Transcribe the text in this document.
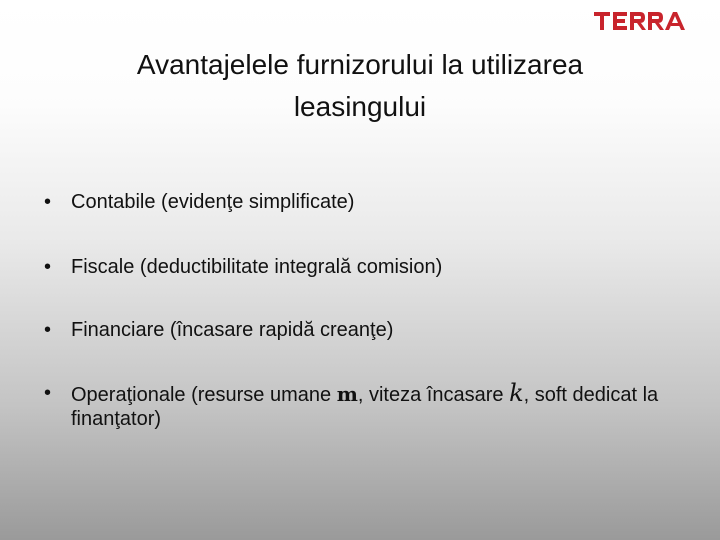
Avantajelele furnizorului la utilizarea
leasingului
• Contabile (evidenţe simplificate)
• Fiscale (deductibilitate integrală comision)
• Financiare (încasare rapidă creanţe)
• Operaţionale (resurse umane m, viteza încasare k, soft dedicat la finanţator)
